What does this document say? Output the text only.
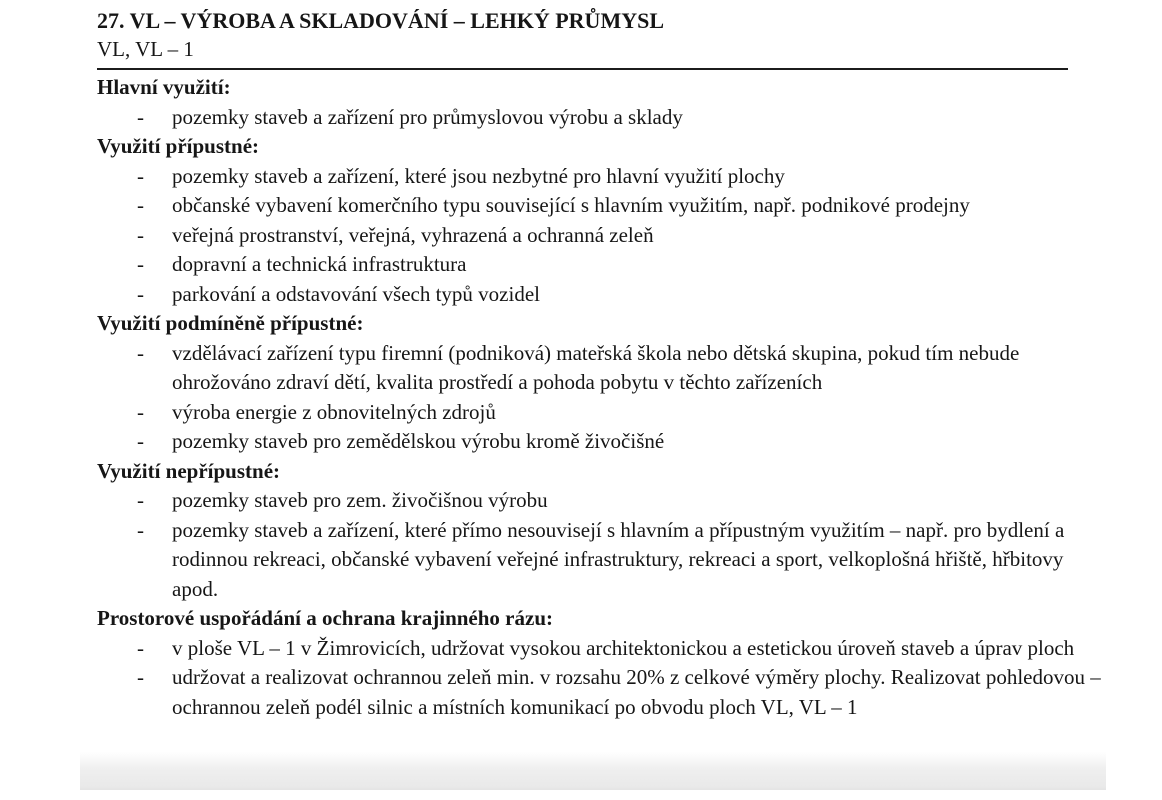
27. VL – VÝROBA A SKLADOVÁNÍ – LEHKÝ PRŮMYSL
VL, VL – 1
Hlavní využití:
-	pozemky staveb a zařízení pro průmyslovou výrobu a sklady
Využití přípustné:
-	pozemky staveb a zařízení, které jsou nezbytné pro hlavní využití plochy
-	občanské vybavení komerčního typu související s hlavním využitím, např. podnikové prodejny
-	veřejná prostranství, veřejná, vyhrazená a ochranná zeleň
-	dopravní a technická infrastruktura
-	parkování a odstavování všech typů vozidel
Využití podmíněně přípustné:
-	vzdělávací zařízení typu firemní (podniková) mateřská škola nebo dětská skupina, pokud tím nebude ohrožováno zdraví dětí, kvalita prostředí a pohoda pobytu v těchto zařízeních
-	výroba energie z obnovitelných zdrojů
-	pozemky staveb pro zemědělskou výrobu kromě živočišné
Využití nepřípustné:
-	pozemky staveb pro zem. živočišnou výrobu
-	pozemky staveb a zařízení, které přímo nesouvisejí s hlavním a přípustným využitím – např. pro bydlení a rodinnou rekreaci, občanské vybavení veřejné infrastruktury, rekreaci a sport, velkoplošná hřiště, hřbitovy apod.
Prostorové uspořádání a ochrana krajinného rázu:
-	v ploše VL – 1 v Žimrovicích, udržovat vysokou architektonickou a estetickou úroveň staveb a úprav ploch
-	udržovat a realizovat ochrannou zeleň min. v rozsahu 20% z celkové výměry plochy. Realizovat pohledovou – ochrannou zeleň podél silnic a místních komunikací po obvodu ploch VL, VL – 1
